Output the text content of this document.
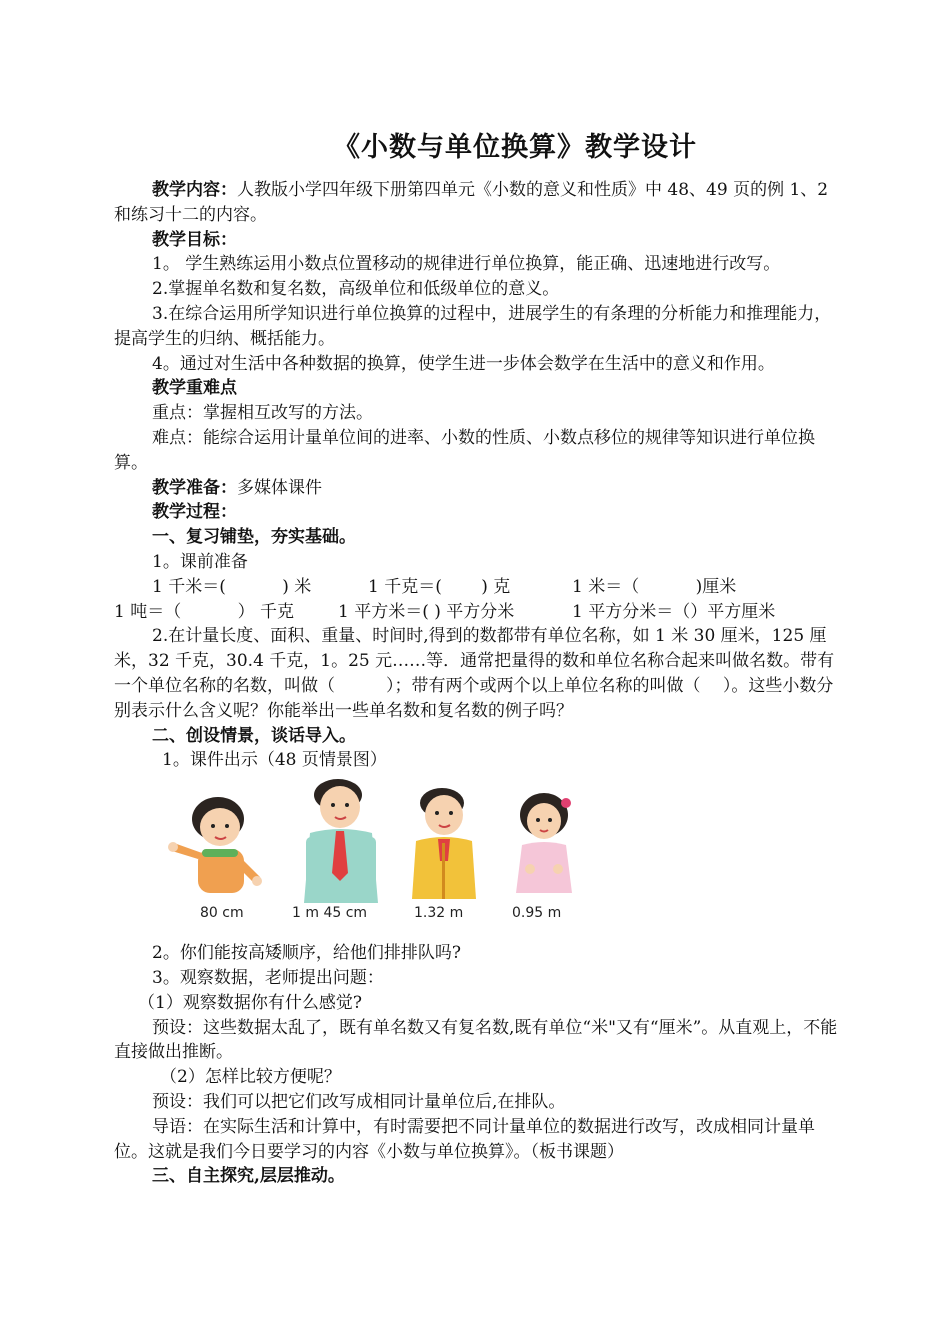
《小数与单位换算》教学设计

教学内容：人教版小学四年级下册第四单元《小数的意义和性质》中 48、49 页的例 1、2 和练习十二的内容。

教学目标：

1。 学生熟练运用小数点位置移动的规律进行单位换算，能正确、迅速地进行改写。

2.掌握单名数和复名数，高级单位和低级单位的意义。

3.在综合运用所学知识进行单位换算的过程中，进展学生的有条理的分析能力和推理能力，提高学生的归纳、概括能力。

4。通过对生活中各种数据的换算，使学生进一步体会数学在生活中的意义和作用。

教学重难点

重点：掌握相互改写的方法。

难点：能综合运用计量单位间的进率、小数的性质、小数点移位的规律等知识进行单位换算。

教学准备：多媒体课件

教学过程：

一、复习铺垫，夯实基础。

1。课前准备

1 千米＝(　　 　) 米	1 千克＝(　 　) 克	1 米＝（　　　 )厘米
1 吨＝（　　 　） 千克	1 平方米＝( ) 平方分米	1 平方分米＝（）平方厘米

2.在计量长度、面积、重量、时间时,得到的数都带有单位名称，如 1 米 30 厘米，125 厘米，32 千克，30.4 千克，1。25 元……等．通常把量得的数和单位名称合起来叫做名数。带有一个单位名称的名数，叫做（　　　）；带有两个或两个以上单位名称的叫做（　 ）。这些小数分别表示什么含义呢？你能举出一些单名数和复名数的例子吗？

二、创设情景，谈话导入。

1。课件出示（48 页情景图）

80 cm	1 m 45 cm	1.32 m	0.95 m

2。你们能按高矮顺序，给他们排排队吗?

3。观察数据，老师提出问题：

（1）观察数据你有什么感觉?

预设：这些数据太乱了，既有单名数又有复名数,既有单位“米"又有“厘米”。从直观上，不能直接做出推断。

（2）怎样比较方便呢？

预设：我们可以把它们改写成相同计量单位后,在排队。

导语：在实际生活和计算中，有时需要把不同计量单位的数据进行改写，改成相同计量单位。这就是我们今日要学习的内容《小数与单位换算》。（板书课题）

三、自主探究,层层推动。
